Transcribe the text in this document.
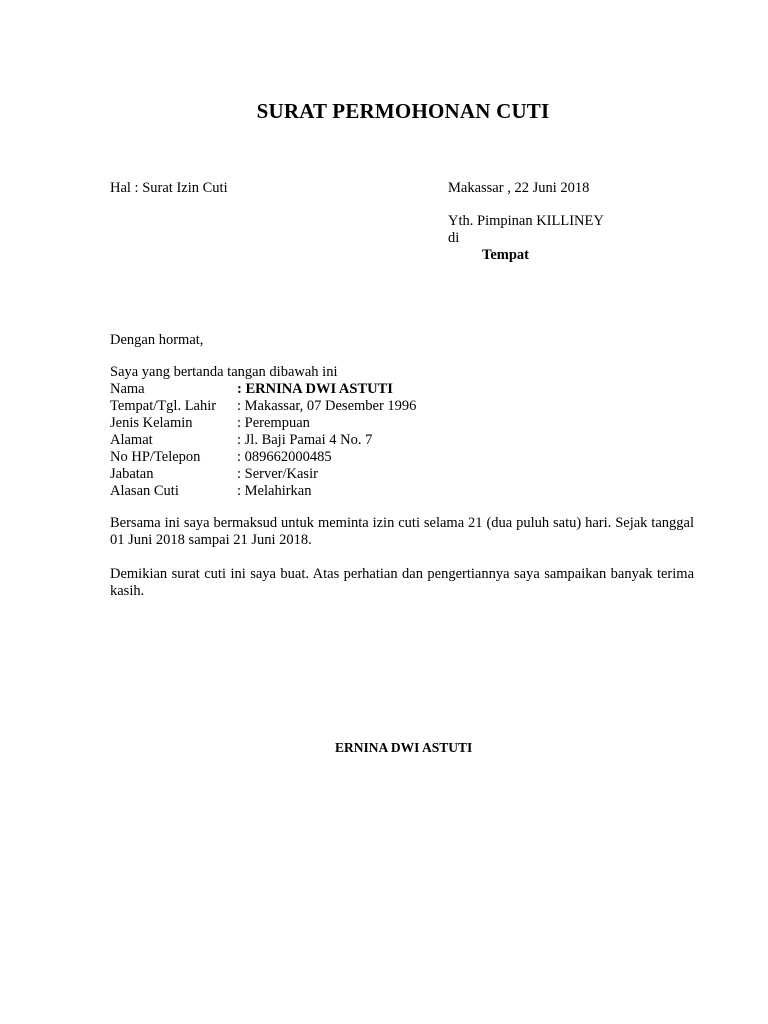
SURAT PERMOHONAN CUTI
Hal : Surat Izin Cuti	Makassar , 22 Juni 2018
Yth. Pimpinan KILLINEY
di
Tempat
Dengan hormat,
Saya yang bertanda tangan dibawah ini
Nama	: ERNINA DWI ASTUTI
Tempat/Tgl. Lahir	: Makassar, 07 Desember 1996
Jenis Kelamin	: Perempuan
Alamat	: Jl. Baji Pamai 4 No. 7
No HP/Telepon	: 089662000485
Jabatan	: Server/Kasir
Alasan Cuti	: Melahirkan
Bersama ini saya bermaksud untuk meminta izin cuti selama 21 (dua puluh satu) hari. Sejak tanggal 01 Juni 2018 sampai 21 Juni 2018.
Demikian surat cuti ini saya buat. Atas perhatian dan pengertiannya saya sampaikan banyak terima kasih.
ERNINA DWI ASTUTI
